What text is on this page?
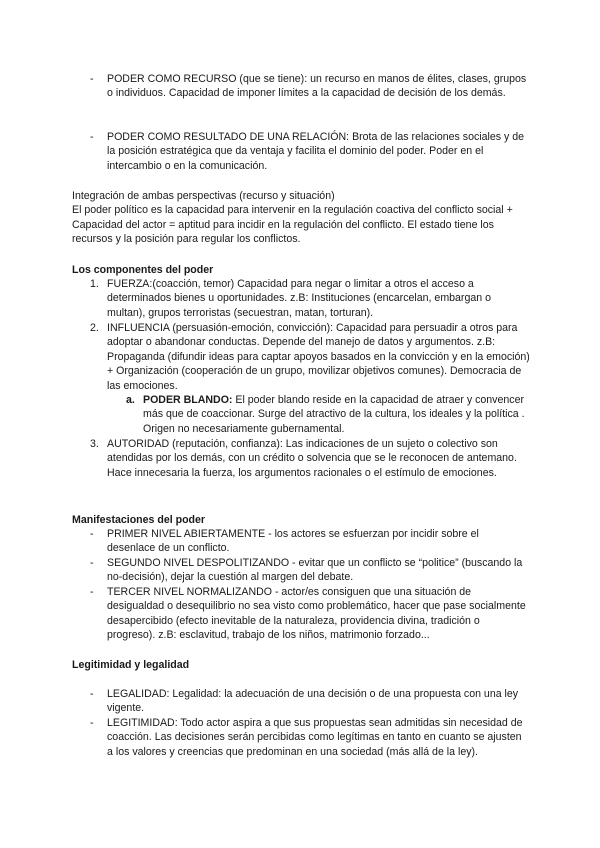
-	PODER COMO RECURSO (que se tiene): un recurso en manos de élites, clases, grupos o individuos. Capacidad de imponer límites a la capacidad de decisión de los demás.
-	PODER COMO RESULTADO DE UNA RELACIÓN: Brota de las relaciones sociales y de la posición estratégica que da ventaja y facilita el dominio del poder. Poder en el intercambio o en la comunicación.

Integración de ambas perspectivas (recurso y situación)

El poder político es la capacidad para intervenir en la regulación coactiva del conflicto social + Capacidad del actor = aptitud para incidir en la regulación del conflicto. El estado tiene los recursos y la posición para regular los conflictos.

Los componentes del poder
1. FUERZA:(coacción, temor) Capacidad para negar o limitar a otros el acceso a determinados bienes u oportunidades. z.B: Instituciones (encarcelan, embargan o multan), grupos terroristas (secuestran, matan, torturan).
2. INFLUENCIA (persuasión-emoción, convicción): Capacidad para persuadir a otros para adoptar o abandonar conductas. Depende del manejo de datos y argumentos. z.B: Propaganda (difundir ideas para captar apoyos basados en la convicción y en la emoción) + Organización (cooperación de un grupo, movilizar objetivos comunes). Democracia de las emociones.
a. PODER BLANDO: El poder blando reside en la capacidad de atraer y convencer más que de coaccionar. Surge del atractivo de la cultura, los ideales y la política . Origen no necesariamente gubernamental.
3. AUTORIDAD (reputación, confianza): Las indicaciones de un sujeto o colectivo son atendidas por los demás, con un crédito o solvencia que se le reconocen de antemano. Hace innecesaria la fuerza, los argumentos racionales o el estímulo de emociones.
Manifestaciones del poder
-	PRIMER NIVEL ABIERTAMENTE - los actores se esfuerzan por incidir sobre el desenlace de un conflicto.
-	SEGUNDO NIVEL DESPOLITIZANDO - evitar que un conflicto se “politice” (buscando la no-decisión), dejar la cuestión al margen del debate.
-	TERCER NIVEL NORMALIZANDO - actor/es consiguen que una situación de desigualdad o desequilibrio no sea visto como problemático, hacer que pase socialmente desapercibido (efecto inevitable de la naturaleza, providencia divina, tradición o progreso). z.B: esclavitud, trabajo de los niños, matrimonio forzado...
Legitimidad y legalidad
-	LEGALIDAD: Legalidad: la adecuación de una decisión o de una propuesta con una ley vigente.
-	LEGITIMIDAD: Todo actor aspira a que sus propuestas sean admitidas sin necesidad de coacción. Las decisiones serán percibidas como legítimas en tanto en cuanto se ajusten a los valores y creencias que predominan en una sociedad (más allá de la ley).
